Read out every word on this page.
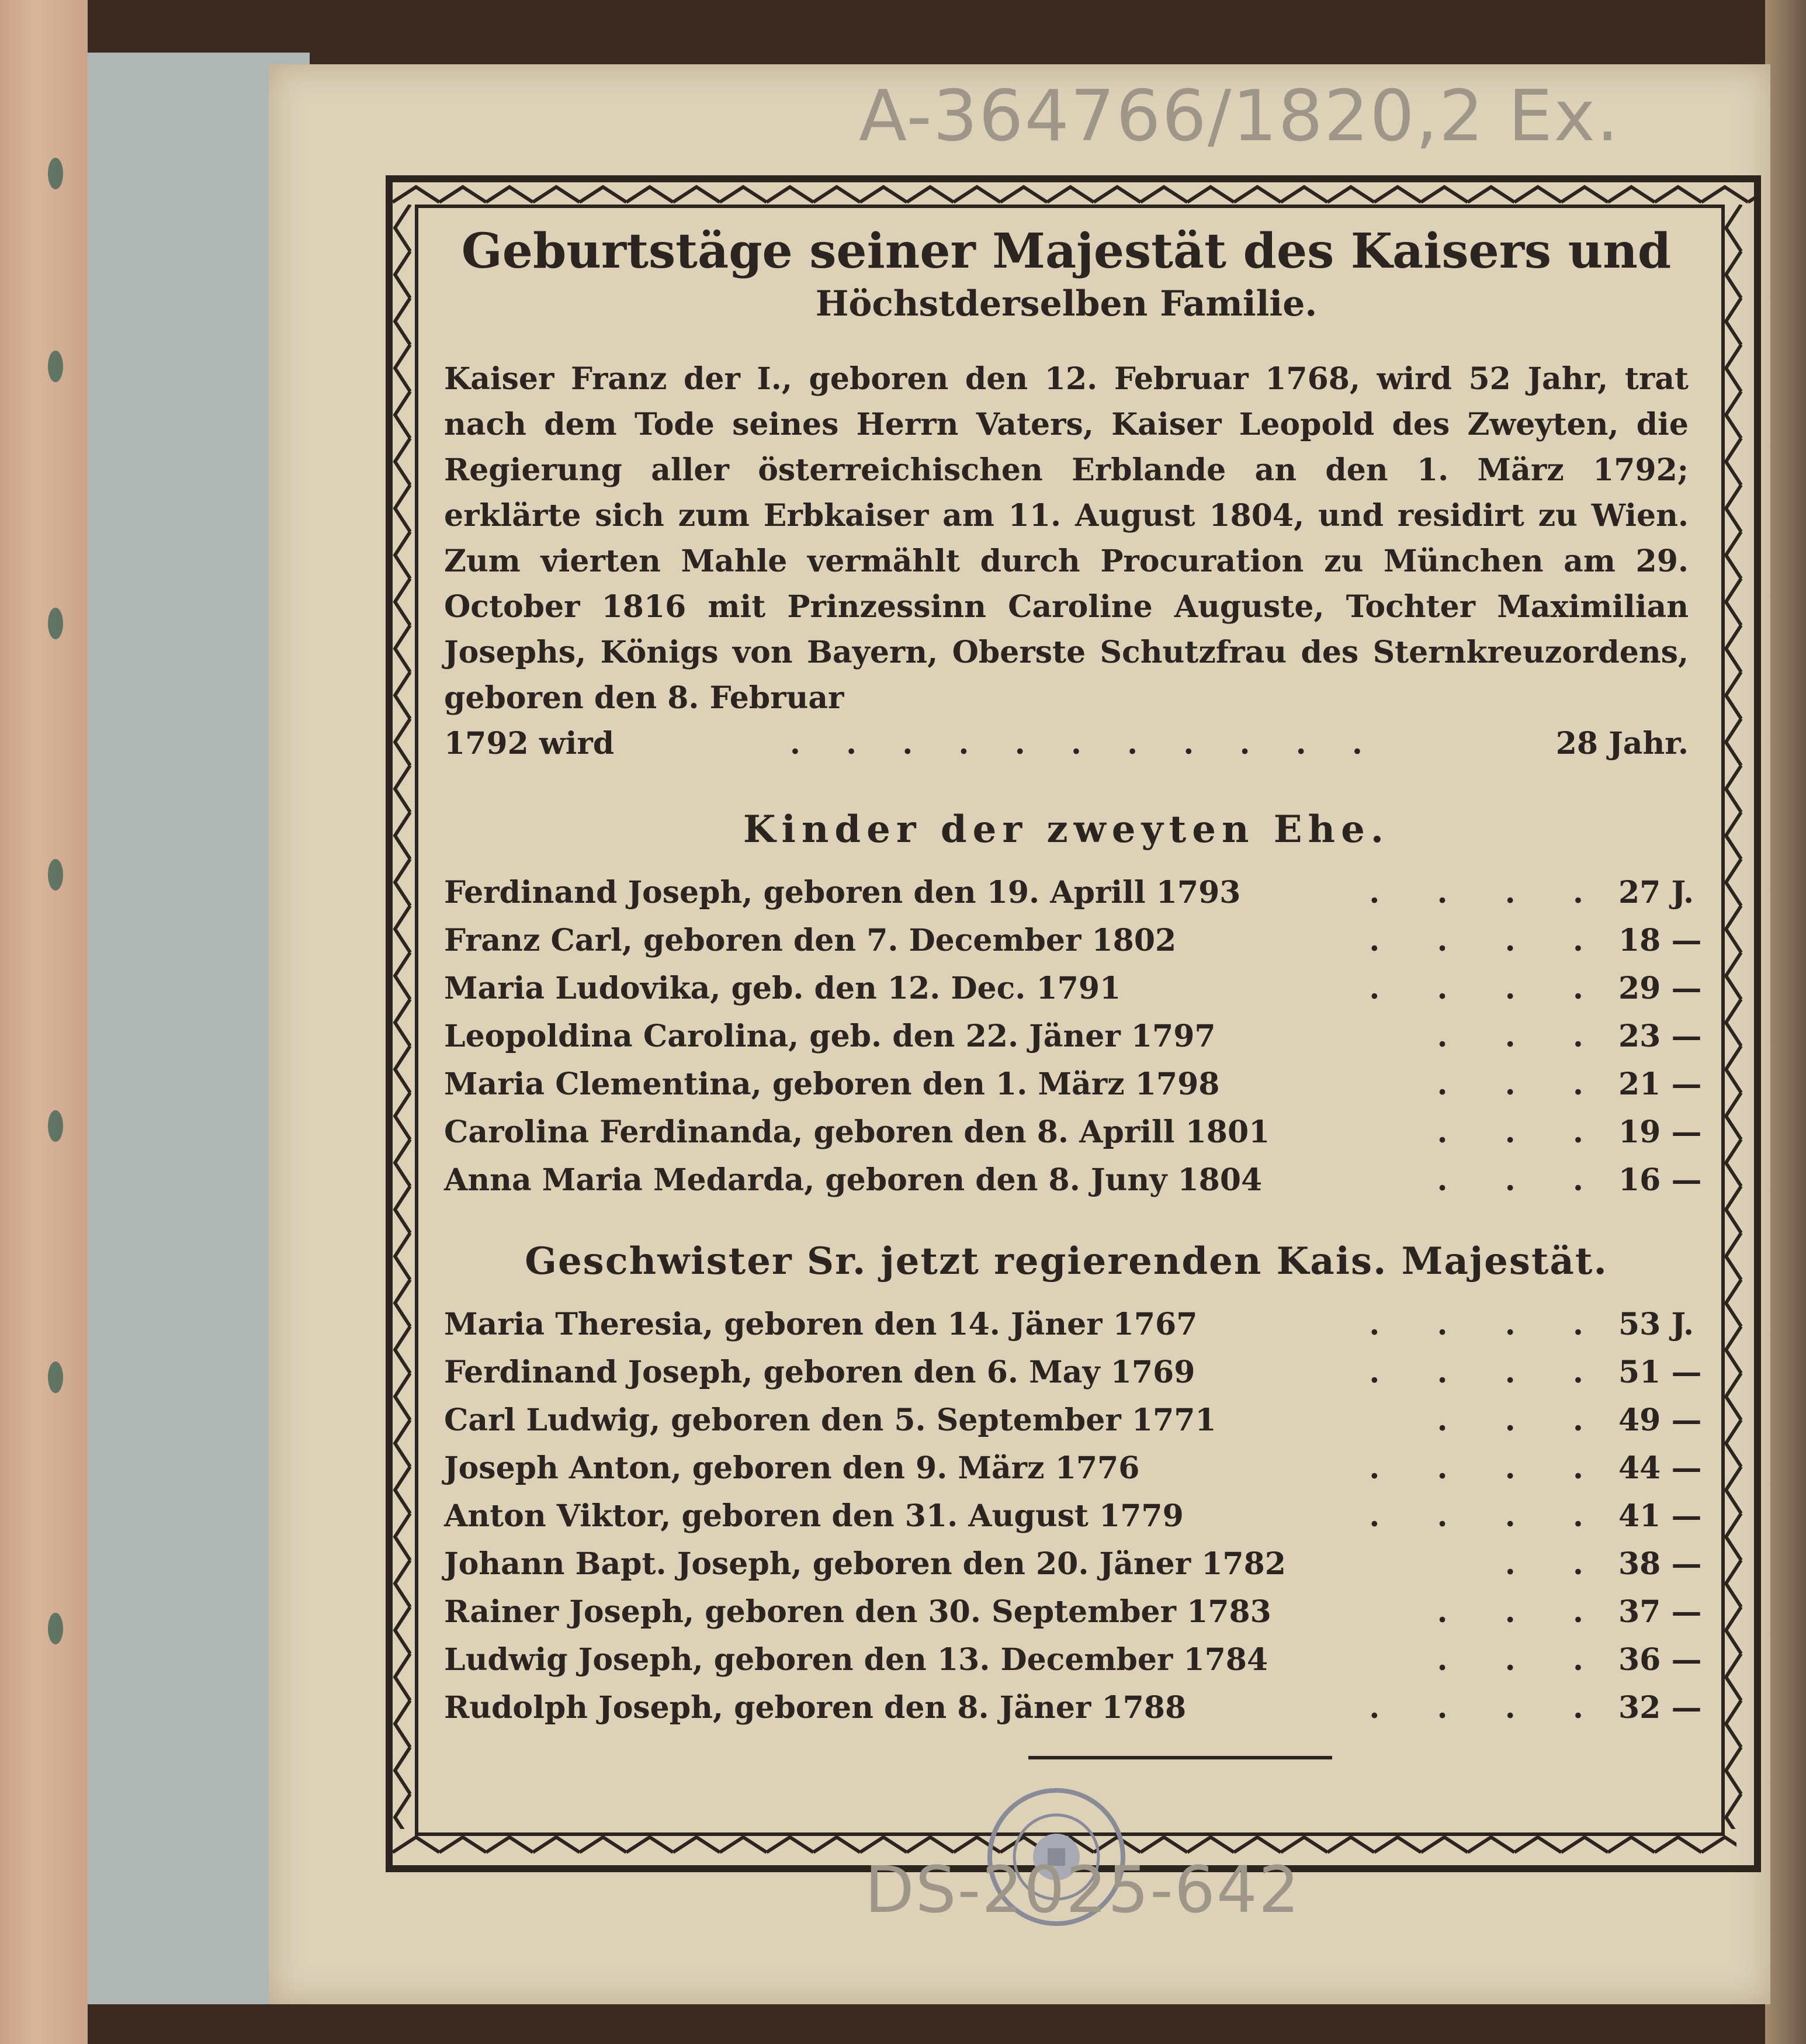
A-364766/1820,2 Ex.
Geburtstäge seiner Majestät des Kaisers und
Höchstderselben Familie.
Kaiser Franz der I., geboren den 12. Februar 1768, wird 52 Jahr, trat nach dem Tode seines Herrn Vaters, Kaiser Leopold des Zweyten, die Regierung aller österreichischen Erblande an den 1. März 1792; erklärte sich zum Erbkaiser am 11. August 1804, und residirt zu Wien. Zum vierten Mahle vermählt durch Procuration zu München am 29. October 1816 mit Prinzessinn Caroline Auguste, Tochter Maximilian Josephs, Königs von Bayern, Oberste Schutzfrau des Sternkreuzordens, geboren den 8. Februar
1792 wird	. . . . . . . . . . .	28 Jahr.
Kinder der zweyten Ehe.
Ferdinand Joseph, geboren den 19. Aprill 1793	. . . . 27 J.
Franz Carl, geboren den 7. December 1802	. . . . 18 —
Maria Ludovika, geb. den 12. Dec. 1791	. . . . 29 —
Leopoldina Carolina, geb. den 22. Jäner 1797	. . . 23 —
Maria Clementina, geboren den 1. März 1798	. . . 21 —
Carolina Ferdinanda, geboren den 8. Aprill 1801	. . . 19 —
Anna Maria Medarda, geboren den 8. Juny 1804	. . . 16 —
Geschwister Sr. jetzt regierenden Kais. Majestät.
Maria Theresia, geboren den 14. Jäner 1767	. . . . 53 J.
Ferdinand Joseph, geboren den 6. May 1769	. . . . 51 —
Carl Ludwig, geboren den 5. September 1771	. . . 49 —
Joseph Anton, geboren den 9. März 1776	. . . . 44 —
Anton Viktor, geboren den 31. August 1779	. . . . 41 —
Johann Bapt. Joseph, geboren den 20. Jäner 1782	. . 38 —
Rainer Joseph, geboren den 30. September 1783	. . . 37 —
Ludwig Joseph, geboren den 13. December 1784	. . . 36 —
Rudolph Joseph, geboren den 8. Jäner 1788	. . . . 32 —
DS-2025-642
